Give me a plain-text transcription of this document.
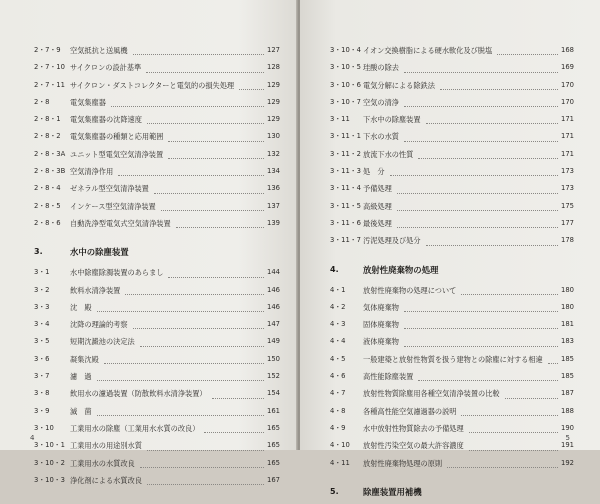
2・7・9	空気抵抗と送風機	127
2・7・10 サイクロンの設計基準	128
2・7・11 サイクロン・ダストコレクターと電気的の損失処理	129
2・8	電気集塵器	129
2・8・1	電気集塵器の沈降速度	129
2・8・2	電気集塵器の種類と応用範囲	130
2・8・3A ユニット型電気空気清浄装置	132
2・8・3B 空気清浄作用	134
2・8・4	ゼネラル型空気清浄装置	136
2・8・5	インケース型空気清浄装置	137
2・8・6	自動洗浄型電気式空気清浄装置	139
3.	水中の除塵装置
3・1	水中除塵除濁装置のあらまし	144
3・2	飲料水清浄装置	146
3・3	沈　殿	146
3・4	沈降の理論的考察	147
3・5	短期沈澱池の決定法	149
3・6	凝集沈殿	150
3・7	濾　過	152
3・8	飲用水の濾過装置（防散飲料水清浄装置）	154
3・9	滅　菌	161
3・10	工業用水の除塵（工業用水水質の改良）	165
3・10・1 工業用水の用途別水質	165
3・10・2 工業用水の水質改良	165
3・10・3 浄化剤による水質改良	167
4
3・10・4 イオン交換樹脂による硬水軟化及び脱塩	168
3・10・5 珪酸の除去	169
3・10・6 電気分解による除鉄法	170
3・10・7 空気の清浄	170
3・11	下水中の除塵装置	171
3・11・1 下水の水質	171
3・11・2 放流下水の性質	171
3・11・3 処　分	173
3・11・4 予備処理	173
3・11・5 高級処理	175
3・11・6 最後処理	177
3・11・7 汚泥処理及び処分	178
4.	放射性廃棄物の処理
4・1	放射性廃棄物の処理について	180
4・2	気体廃棄物	180
4・3	固体廃棄物	181
4・4	液体廃棄物	183
4・5	一般建築と放射性物質を扱う建物との除塵に対する相違	185
4・6	高性能除塵装置	185
4・7	放射性物質除塵用各種空気清浄装置の比較	187
4・8	各種高性能空気濾過器の説明	188
4・9	水中放射性物質除去の予備処理	190
4・10	放射性汚染空気の最大許容濃度	191
4・11	放射性廃棄物処理の原則	192
5.	除塵装置用補機
5
